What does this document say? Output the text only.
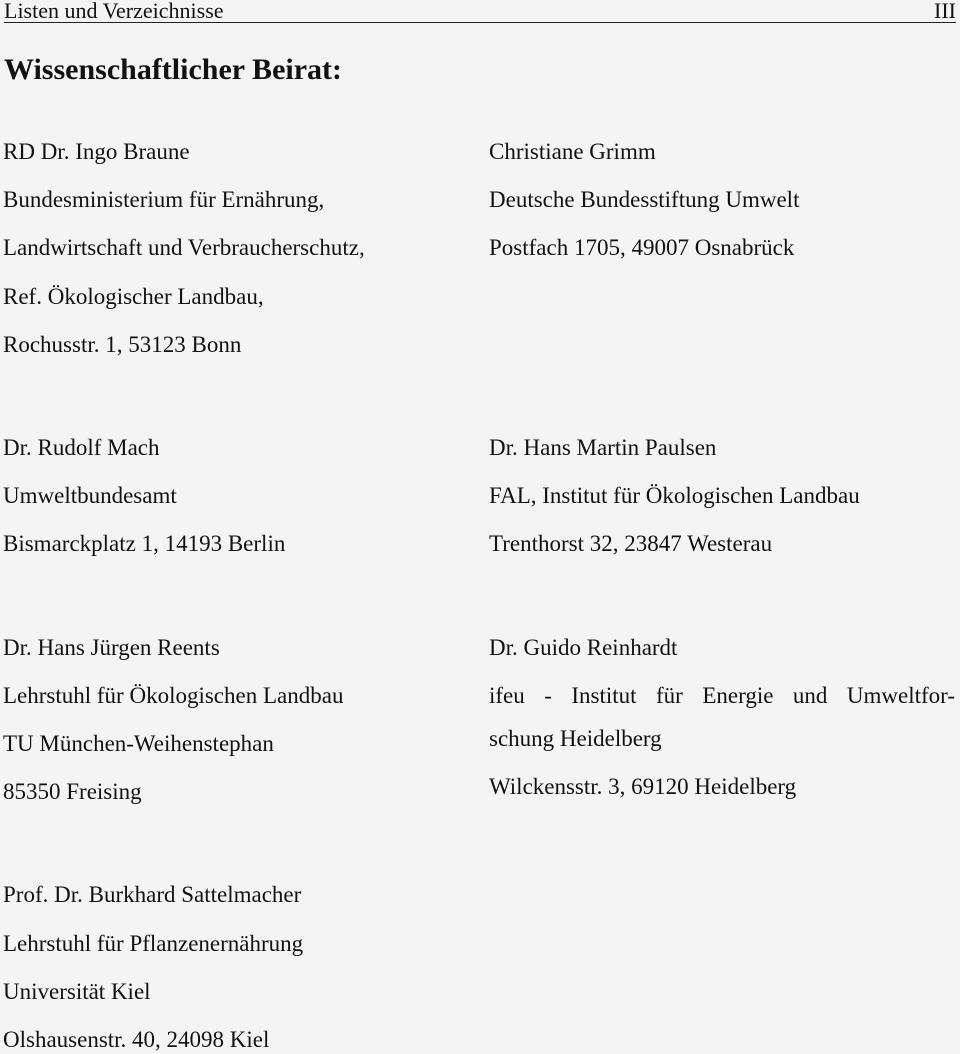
Listen und Verzeichnisse	III
Wissenschaftlicher Beirat:
RD Dr. Ingo Braune
Bundesministerium für Ernährung,
Landwirtschaft und Verbraucherschutz,
Ref. Ökologischer Landbau,
Rochusstr. 1, 53123 Bonn
Christiane Grimm
Deutsche Bundesstiftung Umwelt
Postfach 1705, 49007 Osnabrück
Dr. Rudolf Mach
Umweltbundesamt
Bismarckplatz 1, 14193 Berlin
Dr. Hans Martin Paulsen
FAL, Institut für Ökologischen Landbau
Trenthorst 32, 23847 Westerau
Dr. Hans Jürgen Reents
Lehrstuhl für Ökologischen Landbau
TU München-Weihenstephan
85350 Freising
Dr. Guido Reinhardt
ifeu - Institut für Energie und Umweltfor-
schung Heidelberg
Wilckensstr. 3, 69120 Heidelberg
Prof. Dr. Burkhard Sattelmacher
Lehrstuhl für Pflanzenernährung
Universität Kiel
Olshausenstr. 40, 24098 Kiel
